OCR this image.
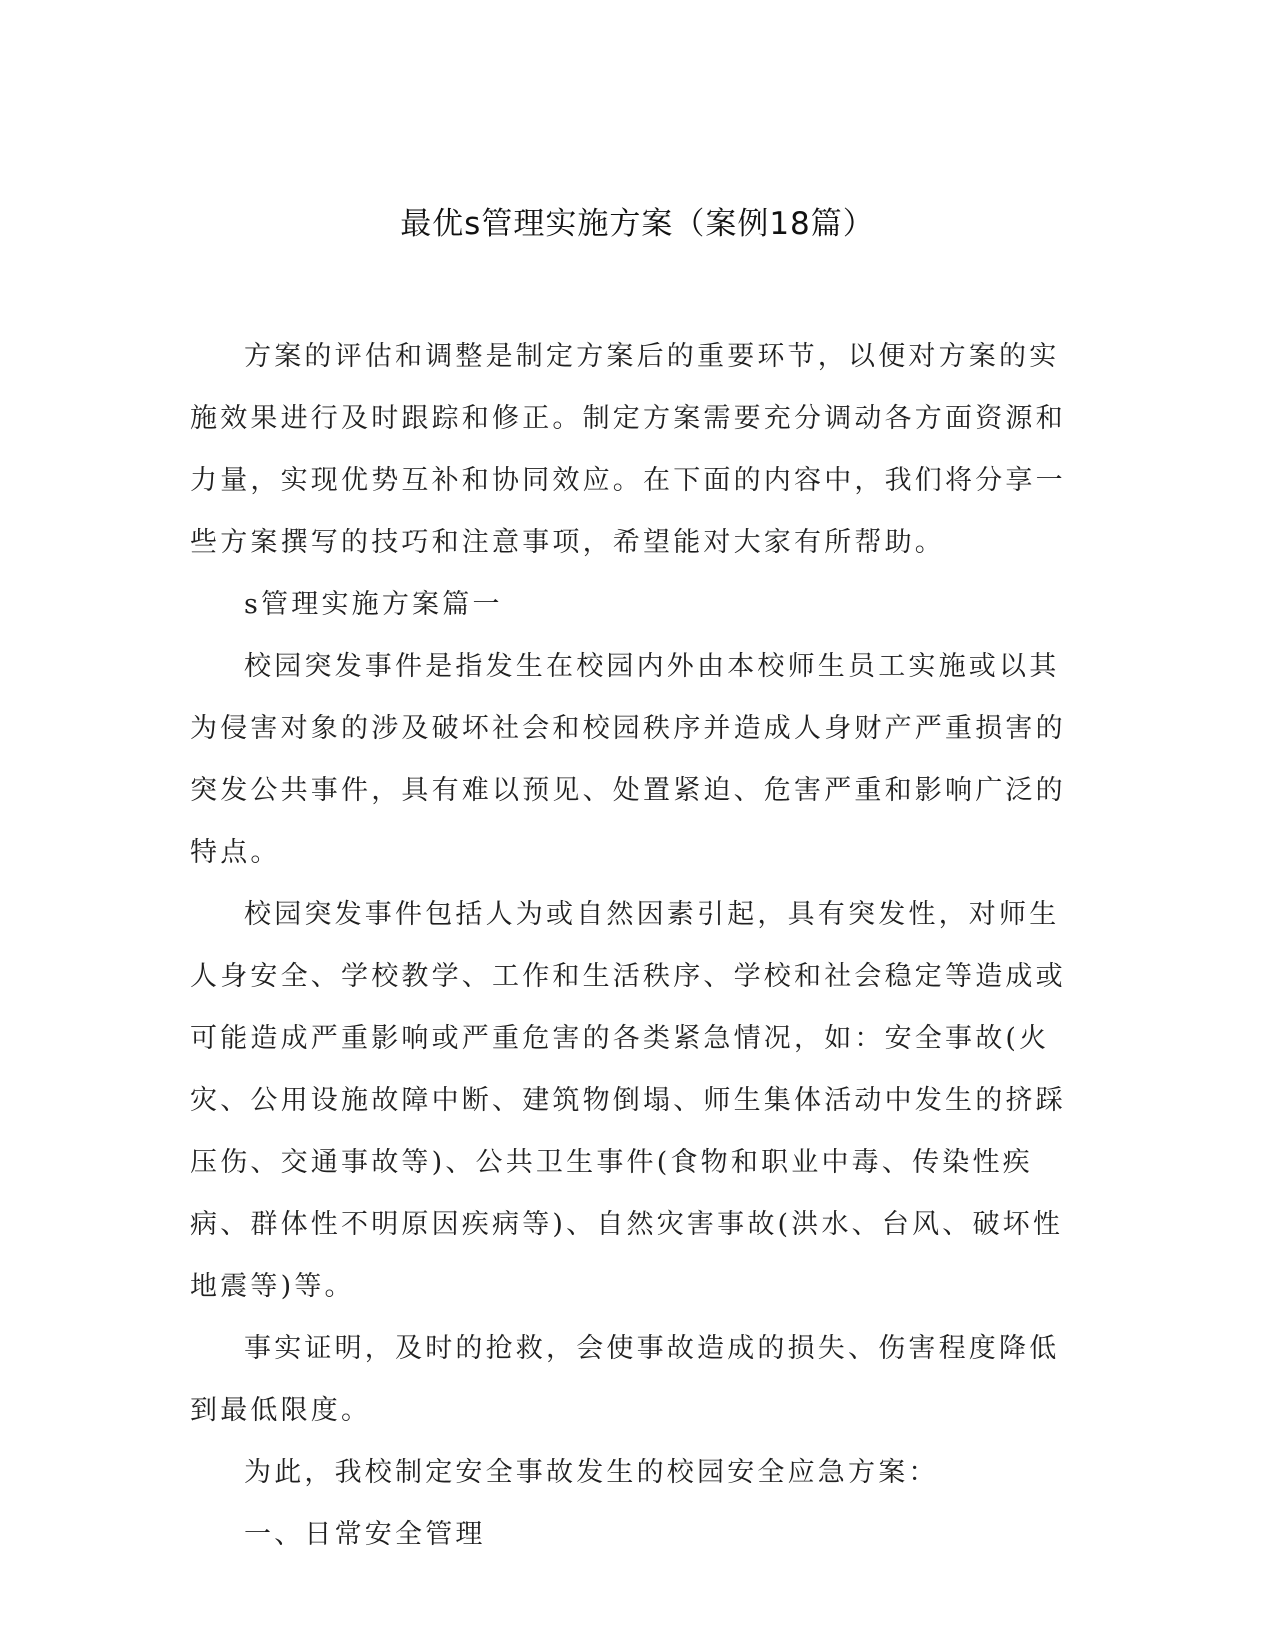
最优s管理实施方案（案例18篇）

方案的评估和调整是制定方案后的重要环节，以便对方案的实施效果进行及时跟踪和修正。制定方案需要充分调动各方面资源和力量，实现优势互补和协同效应。在下面的内容中，我们将分享一些方案撰写的技巧和注意事项，希望能对大家有所帮助。

s管理实施方案篇一

校园突发事件是指发生在校园内外由本校师生员工实施或以其为侵害对象的涉及破坏社会和校园秩序并造成人身财产严重损害的突发公共事件，具有难以预见、处置紧迫、危害严重和影响广泛的特点。

校园突发事件包括人为或自然因素引起，具有突发性，对师生人身安全、学校教学、工作和生活秩序、学校和社会稳定等造成或可能造成严重影响或严重危害的各类紧急情况，如：安全事故(火灾、公用设施故障中断、建筑物倒塌、师生集体活动中发生的挤踩压伤、交通事故等)、公共卫生事件(食物和职业中毒、传染性疾病、群体性不明原因疾病等)、自然灾害事故(洪水、台风、破坏性地震等)等。

事实证明，及时的抢救，会使事故造成的损失、伤害程度降低到最低限度。

为此，我校制定安全事故发生的校园安全应急方案：

一、日常安全管理
